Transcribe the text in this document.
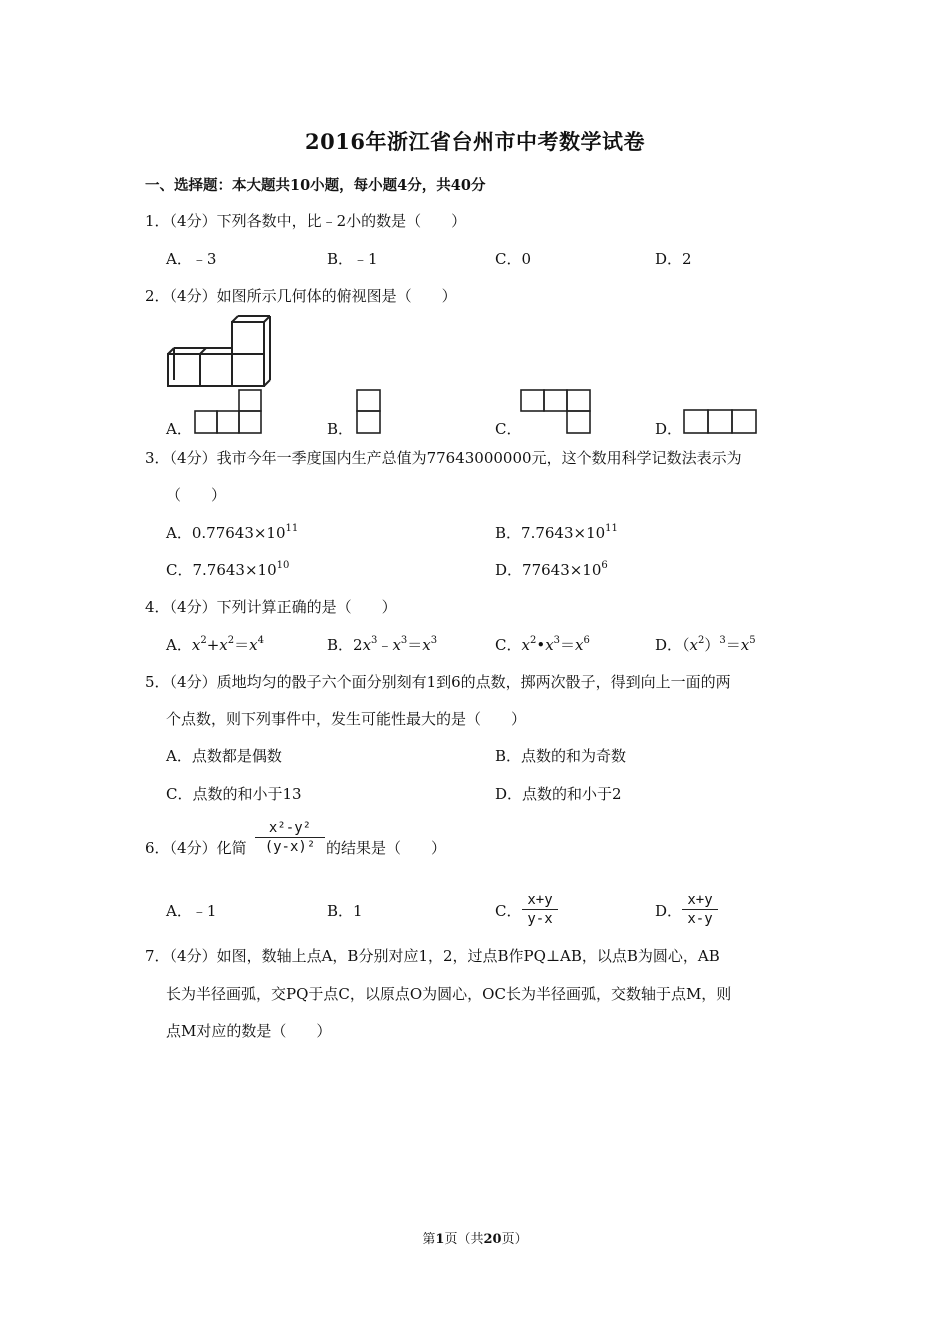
2016年浙江省台州市中考数学试卷
一、选择题：本大题共10小题，每小题4分，共40分
1．（4分）下列各数中，比﹣2小的数是（　　）
A．﹣3	B．﹣1	C．0	D．2
2．（4分）如图所示几何体的俯视图是（　　）
A．	B．	C．	D．
3．（4分）我市今年一季度国内生产总值为77643000000元，这个数用科学记数法表示为
（　　）
A．$0.77643\times 10^{11}$	B．$7.7643\times 10^{11}$
C．$7.7643\times 10^{10}$	D．$77643\times 10^6$
4．（4分）下列计算正确的是（　　）
A．$x^2+x^2=x^4$	B．$2x^3﹣x^3=x^3$	C．$x^2•x^3=x^6$	D．$(x^2)^3=x^5$
5．（4分）质地均匀的骰子六个面分别刻有1到6的点数，掷两次骰子，得到向上一面的两
个点数，则下列事件中，发生可能性最大的是（　　）
A．点数都是偶数	B．点数的和为奇数
C．点数的和小于13	D．点数的和小于2
6．（4分）化简
x²-y²
(y-x)² 的结果是（　　）
A．﹣1	B．1	C．
x+y
y-x	D．
x+y
x-y
7．（4分）如图，数轴上点A，B分别对应1，2，过点B作PQ⊥AB，以点B为圆心，AB
长为半径画弧，交PQ于点C，以原点O为圆心，OC长为半径画弧，交数轴于点M，则
点M对应的数是（　　）
第1页（共20页）
